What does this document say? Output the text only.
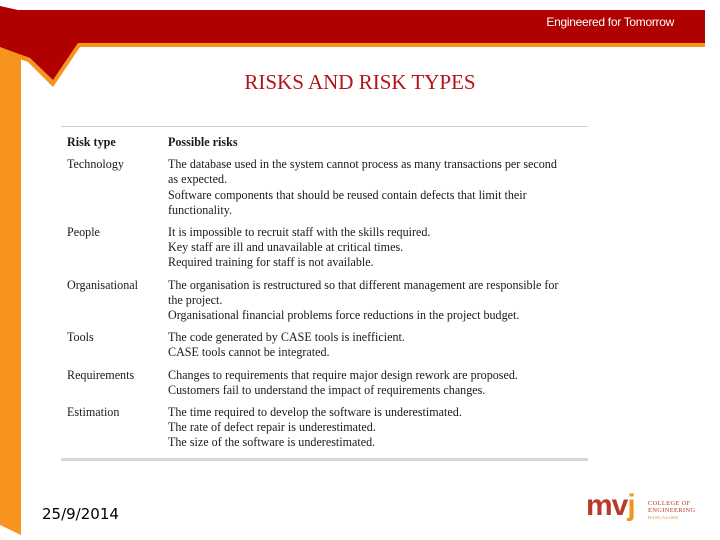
Engineered for Tomorrow
RISKS AND RISK TYPES
Risk type	Possible risks
Technology	The database used in the system cannot process as many transactions per second
as expected.
Software components that should be reused contain defects that limit their
functionality.
People	It is impossible to recruit staff with the skills required.
Key staff are ill and unavailable at critical times.
Required training for staff is not available.
Organisational	The organisation is restructured so that different management are responsible for
the project.
Organisational financial problems force reductions in the project budget.
Tools	The code generated by CASE tools is inefficient.
CASE tools cannot be integrated.
Requirements	Changes to requirements that require major design rework are proposed.
Customers fail to understand the impact of requirements changes.
Estimation	The time required to develop the software is underestimated.
The rate of defect repair is underestimated.
The size of the software is underestimated.
25/9/2014	mvj COLLEGE OF
ENGINEERING
BANGALORE
